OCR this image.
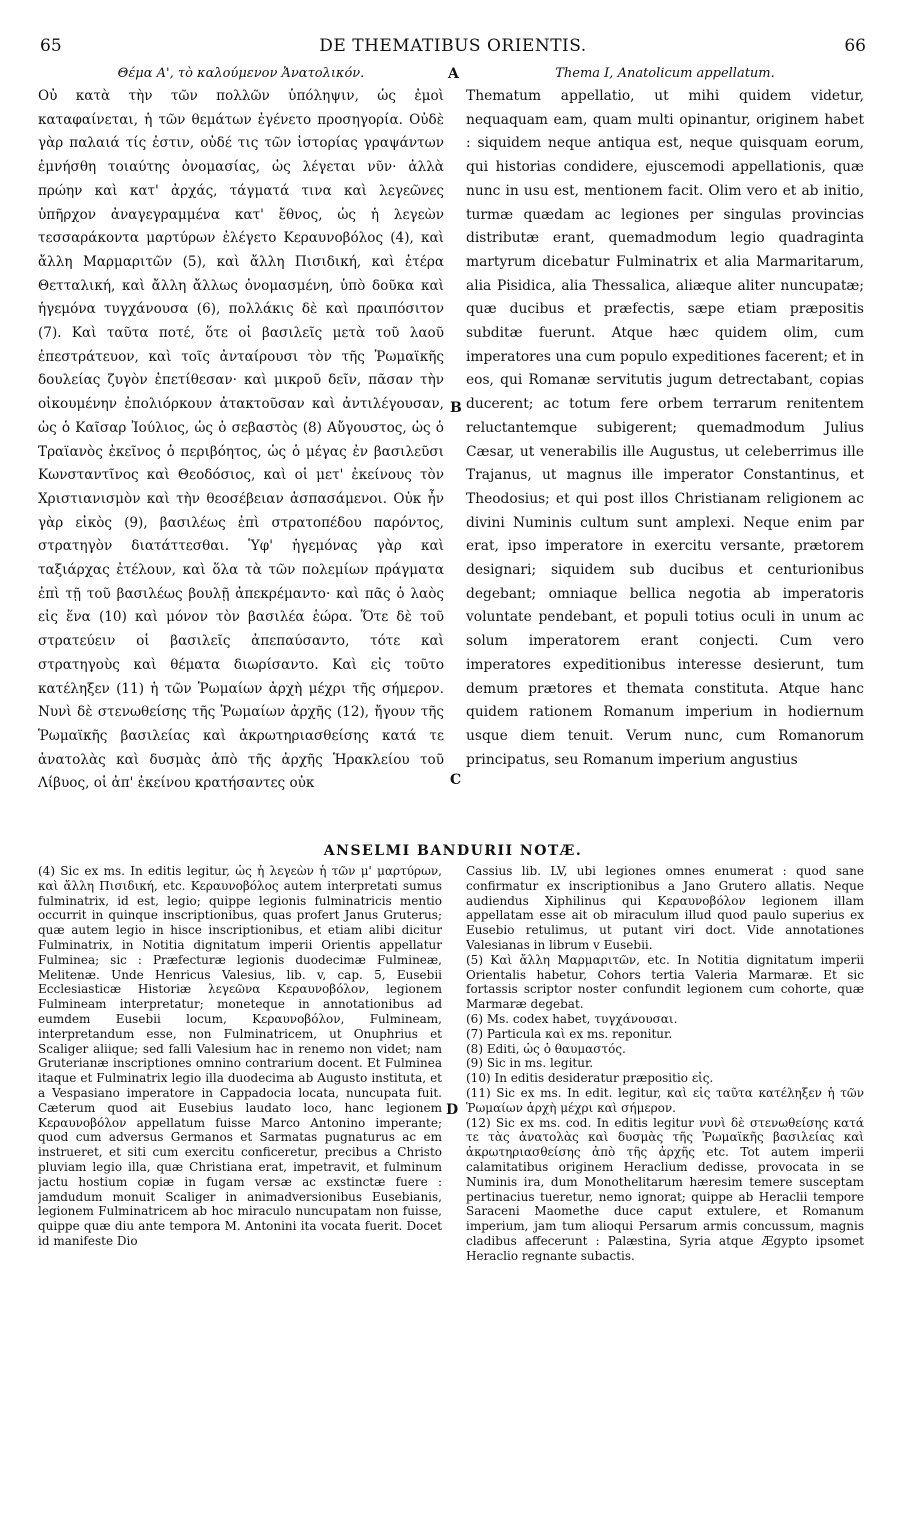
65	DE THEMATIBUS ORIENTIS.	66
Θέμα Α', τὸ καλούμενον Ἀνατολικόν.
Οὐ κατὰ τὴν τῶν πολλῶν ὑπόληψιν, ὡς ἐμοὶ καταφαίνεται, ἡ τῶν θεμάτων ἐγένετο προσηγορία. Οὐδὲ γὰρ παλαιά τίς ἐστιν, οὐδέ τις τῶν ἱστορίας γραψάντων ἐμνήσθη τοιαύτης ὀνομασίας, ὡς λέγεται νῦν· ἀλλὰ πρώην καὶ κατ' ἀρχάς, τάγματά τινα καὶ λεγεῶνες ὑπῆρχον ἀναγεγραμμένα κατ' ἔθνος, ὡς ἡ λεγεὼν τεσσαράκοντα μαρτύρων ἐλέγετο Κεραυνοβόλος (4), καὶ ἄλλη Μαρμαριτῶν (5), καὶ ἄλλη Πισιδική, καὶ ἑτέρα Θετταλική, καὶ ἄλλη ἄλλως ὀνομασμένη, ὑπὸ δοῦκα καὶ ἡγεμόνα τυγχάνουσα (6), πολλάκις δὲ καὶ πραιπόσιτον (7). Καὶ ταῦτα ποτέ, ὅτε οἱ βασιλεῖς μετὰ τοῦ λαοῦ ἐπεστράτευον, καὶ τοῖς ἀνταίρουσι τὸν τῆς Ῥωμαϊκῆς δουλείας ζυγὸν ἐπετίθεσαν· καὶ μικροῦ δεῖν, πᾶσαν τὴν οἰκουμένην ἐπολιόρκουν ἀτακτοῦσαν καὶ ἀντιλέγουσαν, ὡς ὁ Καῖσαρ Ἰούλιος, ὡς ὁ σεβαστὸς (8) Αὔγουστος, ὡς ὁ Τραϊανὸς ἐκεῖνος ὁ περιβόητος, ὡς ὁ μέγας ἐν βασιλεῦσι Κωνσταντῖνος καὶ Θεοδόσιος, καὶ οἱ μετ' ἐκείνους τὸν Χριστιανισμὸν καὶ τὴν θεοσέβειαν ἀσπασάμενοι. Οὐκ ἦν γὰρ εἰκὸς (9), βασιλέως ἐπὶ στρατοπέδου παρόντος, στρατηγὸν διατάττεσθαι. Ὑφ' ἡγεμόνας γὰρ καὶ ταξιάρχας ἐτέλουν, καὶ ὅλα τὰ τῶν πολεμίων πράγματα ἐπὶ τῇ τοῦ βασιλέως βουλῇ ἀπεκρέμαντο· καὶ πᾶς ὁ λαὸς εἰς ἕνα (10) καὶ μόνον τὸν βασιλέα ἑώρα. Ὅτε δὲ τοῦ στρατεύειν οἱ βασιλεῖς ἀπεπαύσαντο, τότε καὶ στρατηγοὺς καὶ θέματα διωρίσαντο. Καὶ εἰς τοῦτο κατέληξεν (11) ἡ τῶν Ῥωμαίων ἀρχὴ μέχρι τῆς σήμερον. Νυνὶ δὲ στενωθείσης τῆς Ῥωμαίων ἀρχῆς (12), ἤγουν τῆς Ῥωμαϊκῆς βασιλείας καὶ ἀκρωτηριασθείσης κατά τε ἀνατολὰς καὶ δυσμὰς ἀπὸ τῆς ἀρχῆς Ἡρακλείου τοῦ Λίβυος, οἱ ἀπ' ἐκείνου κρατήσαντες οὐκ
A
B
C
D
Thema I, Anatolicum appellatum.
Thematum appellatio, ut mihi quidem videtur, nequaquam eam, quam multi opinantur, originem habet : siquidem neque antiqua est, neque quisquam eorum, qui historias condidere, ejuscemodi appellationis, quæ nunc in usu est, mentionem facit. Olim vero et ab initio, turmæ quædam ac legiones per singulas provincias distributæ erant, quemadmodum legio quadraginta martyrum dicebatur Fulminatrix et alia Marmaritarum, alia Pisidica, alia Thessalica, aliæque aliter nuncupatæ; quæ ducibus et præfectis, sæpe etiam præpositis subditæ fuerunt. Atque hæc quidem olim, cum imperatores una cum populo expeditiones facerent; et in eos, qui Romanæ servitutis jugum detrectabant, copias ducerent; ac totum fere orbem terrarum renitentem reluctantemque subigerent; quemadmodum Julius Cæsar, ut venerabilis ille Augustus, ut celeberrimus ille Trajanus, ut magnus ille imperator Constantinus, et Theodosius; et qui post illos Christianam religionem ac divini Numinis cultum sunt amplexi. Neque enim par erat, ipso imperatore in exercitu versante, prætorem designari; siquidem sub ducibus et centurionibus degebant; omniaque bellica negotia ab imperatoris voluntate pendebant, et populi totius oculi in unum ac solum imperatorem erant conjecti. Cum vero imperatores expeditionibus interesse desierunt, tum demum prætores et themata constituta. Atque hanc quidem rationem Romanum imperium in hodiernum usque diem tenuit. Verum nunc, cum Romanorum principatus, seu Romanum imperium angustius
ANSELMI BANDURII NOTÆ.

(4) Sic ex ms. In editis legitur, ὡς ἡ λεγεὼν ἡ τῶν μ' μαρτύρων, καὶ ἄλλη Πισιδική, etc. Κεραυνοβόλος autem interpretati sumus fulminatrix, id est, legio; quippe legionis fulminatricis mentio occurrit in quinque inscriptionibus, quas profert Janus Gruterus; quæ autem legio in hisce inscriptionibus, et etiam alibi dicitur Fulminatrix, in Notitia dignitatum imperii Orientis appellatur Fulminea; sic : Præfecturæ legionis duodecimæ Fulmineæ, Melitenæ. Unde Henricus Valesius, lib. v, cap. 5, Eusebii Ecclesiasticæ Historiæ λεγεῶνα Κεραυνοβόλον, legionem Fulmineam interpretatur; moneteque in annotationibus ad eumdem Eusebii locum, Κεραυνοβόλον, Fulmineam, interpretandum esse, non Fulminatricem, ut Onuphrius et Scaliger aliique; sed falli Valesium hac in renemo non videt; nam Gruterianæ inscriptiones omnino contrarium docent. Et Fulminea itaque et Fulminatrix legio illa duodecima ab Augusto instituta, et a Vespasiano imperatore in Cappadocia locata, nuncupata fuit. Cæterum quod ait Eusebius laudato loco, hanc legionem Κεραυνοβόλον appellatum fuisse Marco Antonino imperante; quod cum adversus Germanos et Sarmatas pugnaturus ac em instrueret, et siti cum exercitu conficeretur, precibus a Christo pluviam legio illa, quæ Christiana erat, impetravit, et fulminum jactu hostium copiæ in fugam versæ ac exstinctæ fuere : jamdudum monuit Scaliger in animadversionibus Eusebianis, legionem Fulminatricem ab hoc miraculo nuncupatam non fuisse, quippe quæ diu ante tempora M. Antonini ita vocata fuerit. Docet id manifeste Dio

Cassius lib. LV, ubi legiones omnes enumerat : quod sane confirmatur ex inscriptionibus a Jano Grutero allatis. Neque audiendus Xiphilinus qui Κεραυνοβόλον legionem illam appellatam esse ait ob miraculum illud quod paulo superius ex Eusebio retulimus, ut putant viri doct. Vide annotationes Valesianas in librum v Eusebii.

(5) Καὶ ἄλλη Μαρμαριτῶν, etc. In Notitia dignitatum imperii Orientalis habetur, Cohors tertia Valeria Marmaræ. Et sic fortassis scriptor noster confundit legionem cum cohorte, quæ Marmaræ degebat.

(6) Ms. codex habet, τυγχάνουσαι.

(7) Particula καὶ ex ms. reponitur.

(8) Editi, ὡς ὁ θαυμαστός.

(9) Sic in ms. legitur.

(10) In editis desideratur præpositio εἰς.

(11) Sic ex ms. In edit. legitur, καὶ εἰς ταῦτα κατέληξεν ἡ τῶν Ῥωμαίων ἀρχὴ μέχρι καὶ σήμερον.

(12) Sic ex ms. cod. In editis legitur νυνὶ δὲ στενωθείσης κατά τε τὰς ἀνατολὰς καὶ δυσμὰς τῆς Ῥωμαϊκῆς βασιλείας καὶ ἀκρωτηριασθείσης ἀπὸ τῆς ἀρχῆς etc. Tot autem imperii calamitatibus originem Heraclium dedisse, provocata in se Numinis ira, dum Monothelitarum hæresim temere susceptam pertinacius tueretur, nemo ignorat; quippe ab Heraclii tempore Saraceni Maomethe duce caput extulere, et Romanum imperium, jam tum alioqui Persarum armis concussum, magnis cladibus affecerunt : Palæstina, Syria atque Ægypto ipsomet Heraclio regnante subactis.
